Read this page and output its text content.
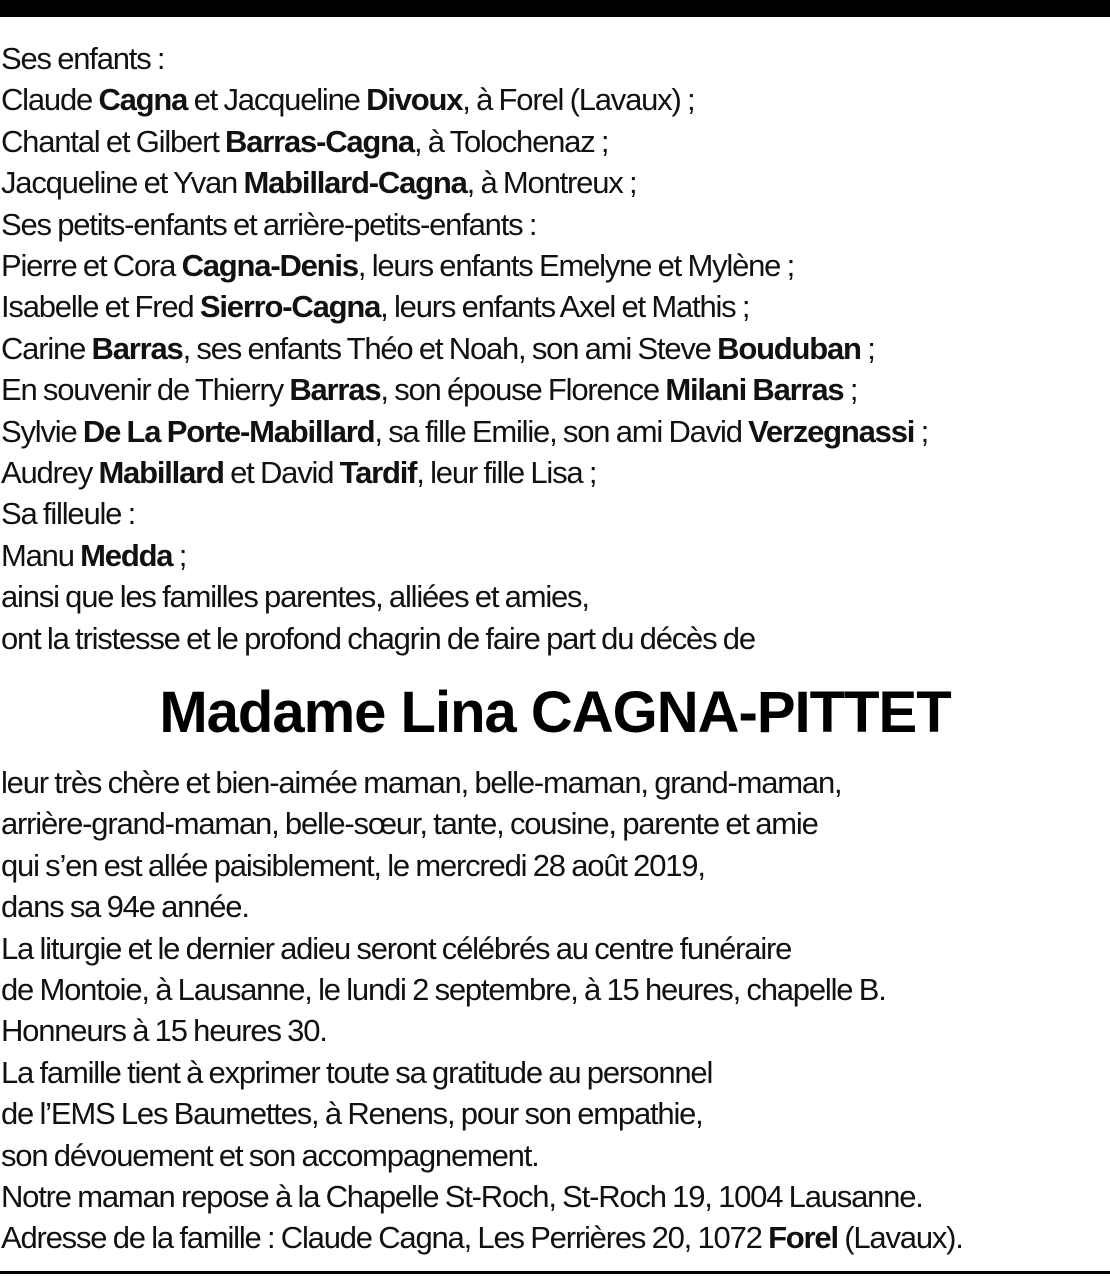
Ses enfants :
Claude Cagna et Jacqueline Divoux, à Forel (Lavaux) ;
Chantal et Gilbert Barras-Cagna, à Tolochenaz ;
Jacqueline et Yvan Mabillard-Cagna, à Montreux ;
Ses petits-enfants et arrière-petits-enfants :
Pierre et Cora Cagna-Denis, leurs enfants Emelyne et Mylène ;
Isabelle et Fred Sierro-Cagna, leurs enfants Axel et Mathis ;
Carine Barras, ses enfants Théo et Noah, son ami Steve Bouduban ;
En souvenir de Thierry Barras, son épouse Florence Milani Barras ;
Sylvie De La Porte-Mabillard, sa fille Emilie, son ami David Verzegnassi ;
Audrey Mabillard et David Tardif, leur fille Lisa ;
Sa filleule :
Manu Medda ;
ainsi que les familles parentes, alliées et amies,
ont la tristesse et le profond chagrin de faire part du décès de
Madame Lina CAGNA-PITTET
leur très chère et bien-aimée maman, belle-maman, grand-maman,
arrière-grand-maman, belle-sœur, tante, cousine, parente et amie
qui s’en est allée paisiblement, le mercredi 28 août 2019,
dans sa 94e année.
La liturgie et le dernier adieu seront célébrés au centre funéraire
de Montoie, à Lausanne, le lundi 2 septembre, à 15 heures, chapelle B.
Honneurs à 15 heures 30.
La famille tient à exprimer toute sa gratitude au personnel
de l’EMS Les Baumettes, à Renens, pour son empathie,
son dévouement et son accompagnement.
Notre maman repose à la Chapelle St-Roch, St-Roch 19, 1004 Lausanne.
Adresse de la famille : Claude Cagna, Les Perrières 20, 1072 Forel (Lavaux).
